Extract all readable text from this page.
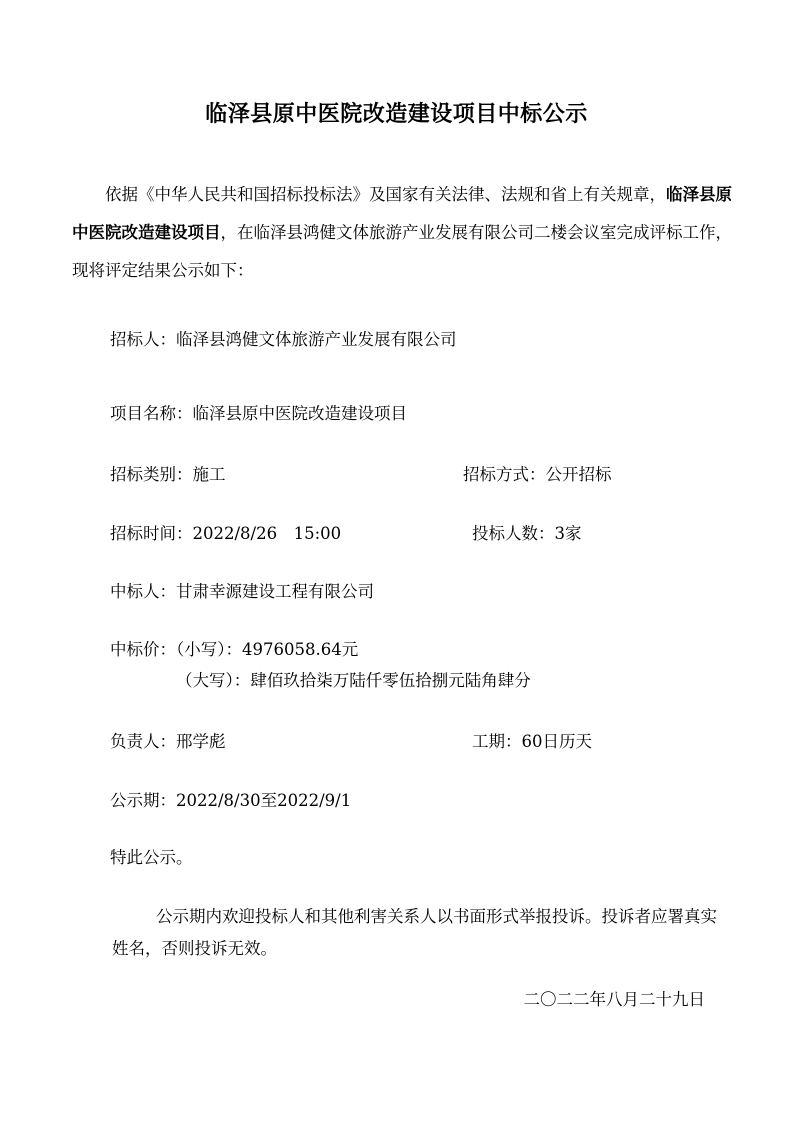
临泽县原中医院改造建设项目中标公示
依据《中华人民共和国招标投标法》及国家有关法律、法规和省上有关规章，临泽县原中医院改造建设项目，在临泽县鸿健文体旅游产业发展有限公司二楼会议室完成评标工作，现将评定结果公示如下：
招标人：临泽县鸿健文体旅游产业发展有限公司
项目名称：临泽县原中医院改造建设项目
招标类别：施工	招标方式：公开招标
招标时间：2022/8/26　15:00	投标人数：3家
中标人：甘肃幸源建设工程有限公司
中标价：（小写）：4976058.64元
（大写）：肆佰玖拾柒万陆仟零伍拾捌元陆角肆分
负责人：邢学彪	工期：60日历天
公示期：2022/8/30至2022/9/1
特此公示。
公示期内欢迎投标人和其他利害关系人以书面形式举报投诉。投诉者应署真实姓名，否则投诉无效。
二〇二二年八月二十九日
